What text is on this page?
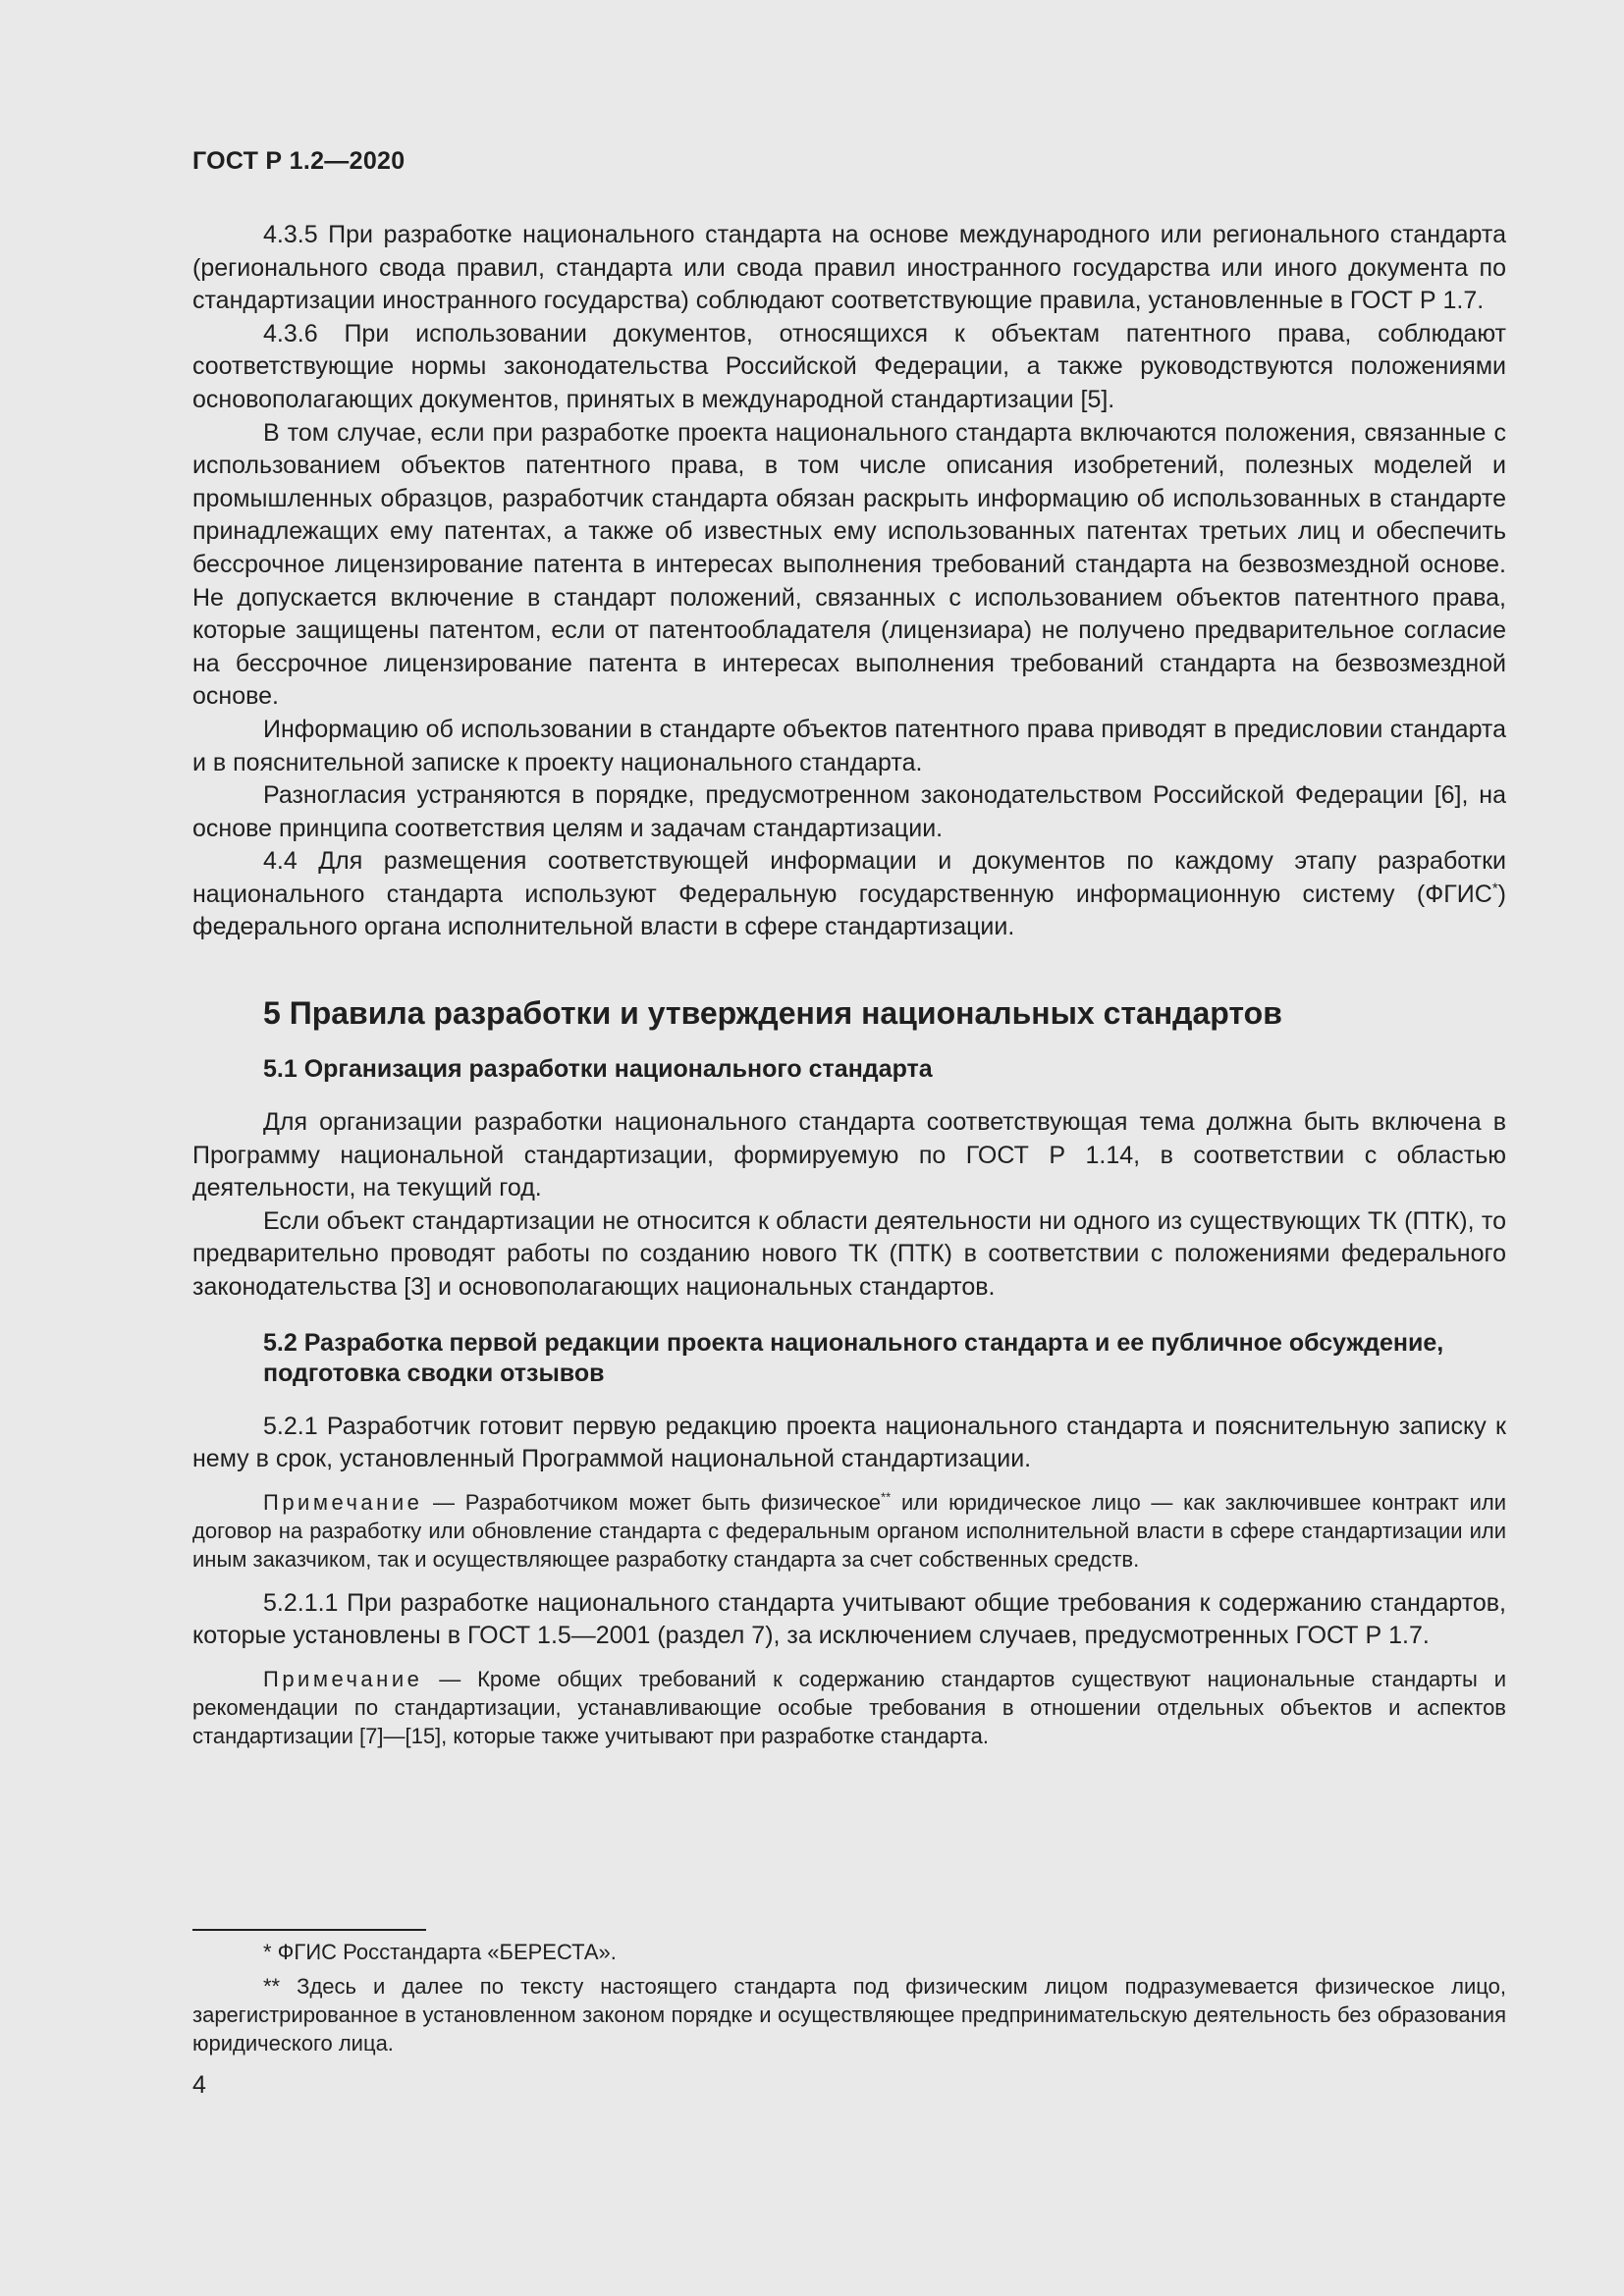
ГОСТ Р 1.2—2020

4.3.5 При разработке национального стандарта на основе международного или регионального стандарта (регионального свода правил, стандарта или свода правил иностранного государства или иного документа по стандартизации иностранного государства) соблюдают соответствующие правила, установленные в ГОСТ Р 1.7.

4.3.6 При использовании документов, относящихся к объектам патентного права, соблюдают соответствующие нормы законодательства Российской Федерации, а также руководствуются положениями основополагающих документов, принятых в международной стандартизации [5].

В том случае, если при разработке проекта национального стандарта включаются положения, связанные с использованием объектов патентного права, в том числе описания изобретений, полезных моделей и промышленных образцов, разработчик стандарта обязан раскрыть информацию об использованных в стандарте принадлежащих ему патентах, а также об известных ему использованных патентах третьих лиц и обеспечить бессрочное лицензирование патента в интересах выполнения требований стандарта на безвозмездной основе. Не допускается включение в стандарт положений, связанных с использованием объектов патентного права, которые защищены патентом, если от патентообладателя (лицензиара) не получено предварительное согласие на бессрочное лицензирование патента в интересах выполнения требований стандарта на безвозмездной основе.

Информацию об использовании в стандарте объектов патентного права приводят в предисловии стандарта и в пояснительной записке к проекту национального стандарта.

Разногласия устраняются в порядке, предусмотренном законодательством Российской Федерации [6], на основе принципа соответствия целям и задачам стандартизации.

4.4 Для размещения соответствующей информации и документов по каждому этапу разработки национального стандарта используют Федеральную государственную информационную систему (ФГИС*) федерального органа исполнительной власти в сфере стандартизации.

5 Правила разработки и утверждения национальных стандартов
5.1 Организация разработки национального стандарта

Для организации разработки национального стандарта соответствующая тема должна быть включена в Программу национальной стандартизации, формируемую по ГОСТ Р 1.14, в соответствии с областью деятельности, на текущий год.

Если объект стандартизации не относится к области деятельности ни одного из существующих ТК (ПТК), то предварительно проводят работы по созданию нового ТК (ПТК) в соответствии с положениями федерального законодательства [3] и основополагающих национальных стандартов.

5.2 Разработка первой редакции проекта национального стандарта и ее публичное обсуждение, подготовка сводки отзывов

5.2.1 Разработчик готовит первую редакцию проекта национального стандарта и пояснительную записку к нему в срок, установленный Программой национальной стандартизации.

Примечание — Разработчиком может быть физическое** или юридическое лицо — как заключившее контракт или договор на разработку или обновление стандарта с федеральным органом исполнительной власти в сфере стандартизации или иным заказчиком, так и осуществляющее разработку стандарта за счет собственных средств.

5.2.1.1 При разработке национального стандарта учитывают общие требования к содержанию стандартов, которые установлены в ГОСТ 1.5—2001 (раздел 7), за исключением случаев, предусмотренных ГОСТ Р 1.7.

Примечание — Кроме общих требований к содержанию стандартов существуют национальные стандарты и рекомендации по стандартизации, устанавливающие особые требования в отношении отдельных объектов и аспектов стандартизации [7]—[15], которые также учитывают при разработке стандарта.

* ФГИС Росстандарта «БЕРЕСТА».

** Здесь и далее по тексту настоящего стандарта под физическим лицом подразумевается физическое лицо, зарегистрированное в установленном законом порядке и осуществляющее предпринимательскую деятельность без образования юридического лица.

4
